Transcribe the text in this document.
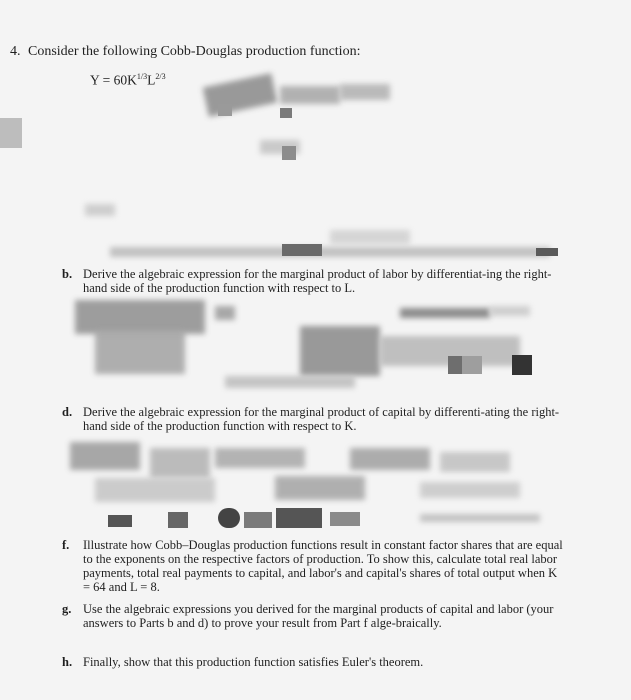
4. Consider the following Cobb-Douglas production function:
$Y = 60K^{1/3}L^{2/3}$
b. Derive the algebraic expression for the marginal product of labor by differentiat-ing the right-hand side of the production function with respect to L.
d. Derive the algebraic expression for the marginal product of capital by differenti-ating the right-hand side of the production function with respect to K.
f. Illustrate how Cobb–Douglas production functions result in constant factor shares that are equal to the exponents on the respective factors of production. To show this, calculate total real labor payments, total real payments to capital, and labor's and capital's shares of total output when K = 64 and L = 8.
g. Use the algebraic expressions you derived for the marginal products of capital and labor (your answers to Parts b and d) to prove your result from Part f alge-braically.
h. Finally, show that this production function satisfies Euler's theorem.
